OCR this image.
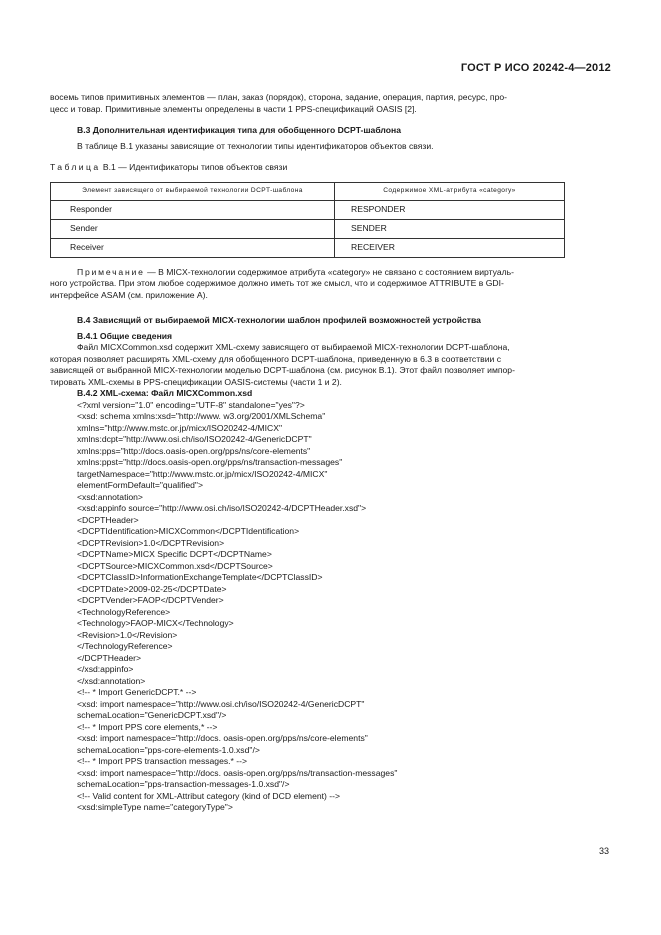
ГОСТ Р ИСО 20242-4—2012

восемь типов примитивных элементов — план, заказ (порядок), сторона, задание, операция, партия, ресурс, про-

цесс и товар. Примитивные элементы определены в части 1 PPS-спецификаций OASIS [2].

В.3 Дополнительная идентификация типа для обобщенного DCPT-шаблона

В таблице В.1 указаны зависящие от технологии типы идентификаторов объектов связи.

Таблица В.1 — Идентификаторы типов объектов связи
Элемент зависящего от выбираемой технологии DCPT-шаблона	Содержимое XML-атрибута «category»
Responder	RESPONDER
Sender	SENDER
Receiver	RECEIVER

Примечание — В MICX-технологии содержимое атрибута «category» не связано с состоянием виртуаль-

ного устройства. При этом любое содержимое должно иметь тот же смысл, что и содержимое ATTRIBUTE в GDI-

интерфейсе ASAM (см. приложение А).

В.4 Зависящий от выбираемой MICX-технологии шаблон профилей возможностей устройства
В.4.1 Общие сведения

Файл MICXCommon.xsd содержит XML-схему зависящего от выбираемой MICX-технологии DCPT-шаблона,

которая позволяет расширять XML-схему для обобщенного DCPT-шаблона, приведенную в 6.3 в соответствии с

зависящей от выбранной MICX-технологии моделью DCPT-шаблона (см. рисунок В.1). Этот файл позволяет импор-

тировать XML-схемы в PPS-спецификации OASIS-системы (части 1 и 2).

В.4.2 XML-схема: Файл MICXCommon.xsd
<?xml version="1.0" encoding="UTF-8" standalone="yes"?>
<xsd: schema xmlns:xsd="http://www. w3.org/2001/XMLSchema"
xmlns="http://www.mstc.or.jp/micx/ISO20242-4/MICX"
xmlns:dcpt="http://www.osi.ch/iso/ISO20242-4/GenericDCPT"
xmlns:pps="http://docs.oasis-open.org/pps/ns/core-elements"
xmlns:ppst="http://docs.oasis-open.org/pps/ns/transaction-messages"
targetNamespace="http://www.mstc.or.jp/micx/ISO20242-4/MICX"
elementFormDefault="qualified">
<xsd:annotation>
<xsd:appinfo source="http://www.osi.ch/iso/ISO20242-4/DCPTHeader.xsd">
<DCPTHeader>
<DCPTIdentification>MICXCommon</DCPTIdentification>
<DCPTRevision>1.0</DCPTRevision>
<DCPTName>MICX Specific DCPT</DCPTName>
<DCPTSource>MICXCommon.xsd</DCPTSource>
<DCPTClassID>InformationExchangeTemplate</DCPTClassID>
<DCPTDate>2009-02-25</DCPTDate>
<DCPTVender>FAOP</DCPTVender>
<TechnologyReference>
<Technology>FAOP-MICX</Technology>
<Revision>1.0</Revision>
</TechnologyReference>
</DCPTHeader>
</xsd:appinfo>
</xsd:annotation>
<!-- * Import GenericDCPT.* -->
<xsd: import namespace="http://www.osi.ch/iso/ISO20242-4/GenericDCPT"
schemaLocation="GenericDCPT.xsd"/>
<!-- * Import PPS core elements,* -->
<xsd: import namespace="http://docs. oasis-open.org/pps/ns/core-elements"
schemaLocation="pps-core-elements-1.0.xsd"/>
<!-- * Import PPS transaction messages.* -->
<xsd: import namespace="http://docs. oasis-open.org/pps/ns/transaction-messages"
schemaLocation="pps-transaction-messages-1.0.xsd"/>
<!-- Valid content for XML-Attribut category (kind of DCD element) -->
<xsd:simpleType name="categoryType">
33
